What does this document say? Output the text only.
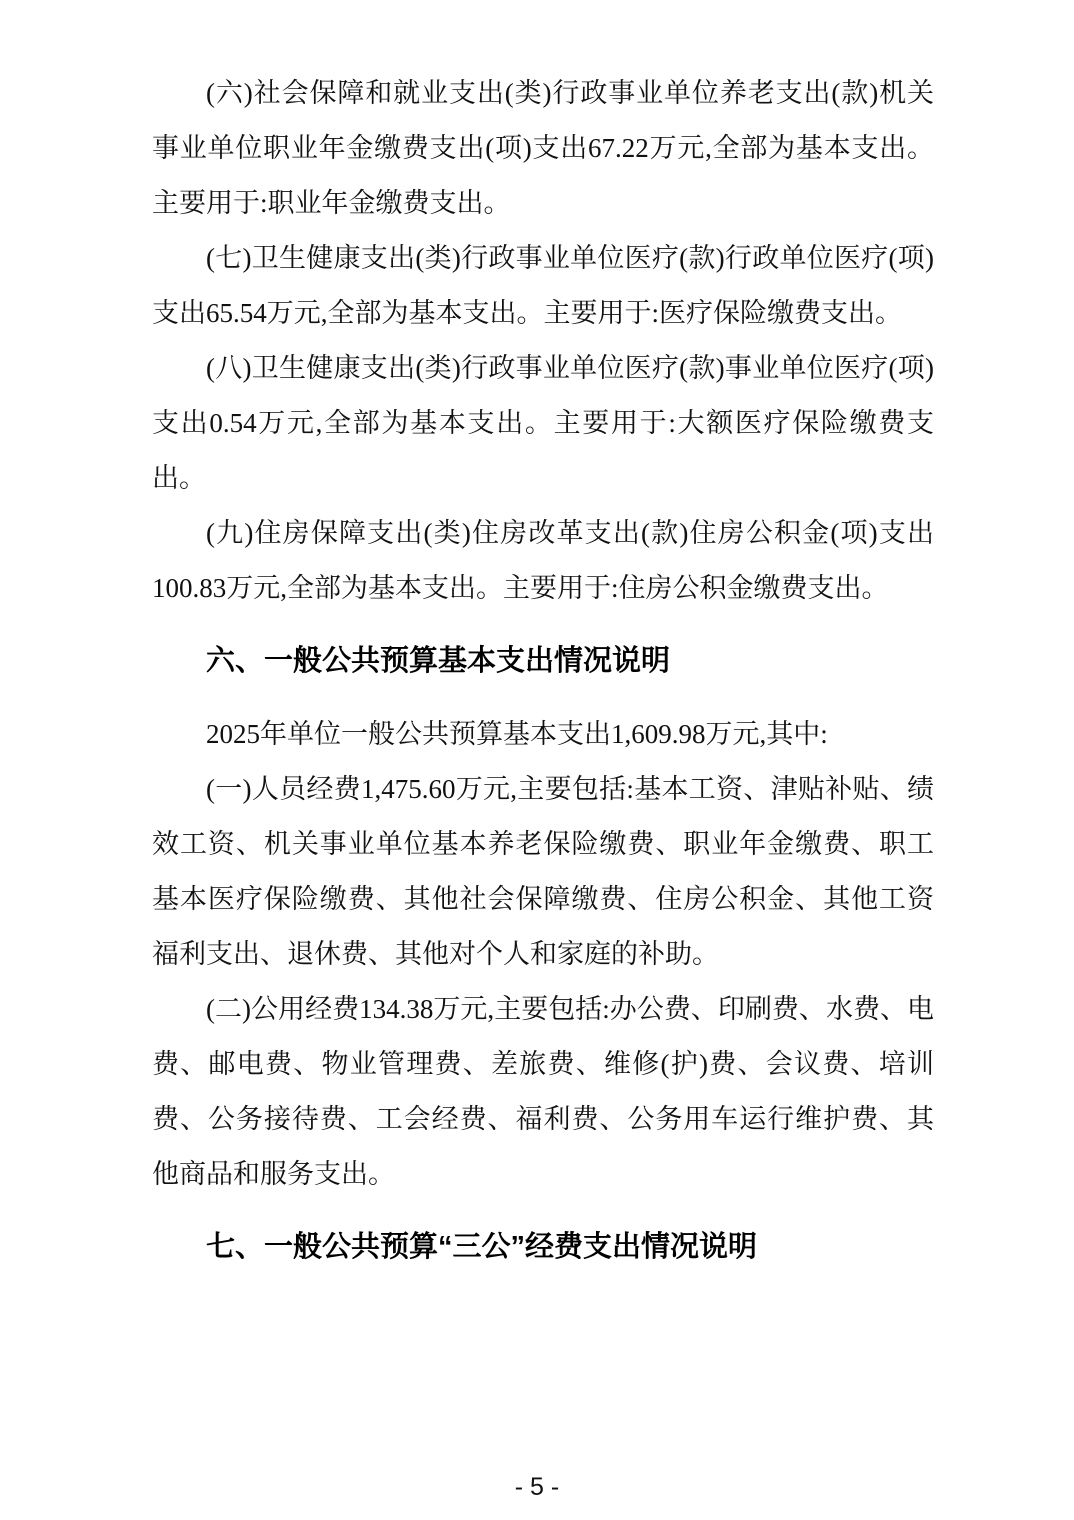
(六)社会保障和就业支出(类)行政事业单位养老支出(款)机关事业单位职业年金缴费支出(项)支出67.22万元,全部为基本支出。主要用于:职业年金缴费支出。

(七)卫生健康支出(类)行政事业单位医疗(款)行政单位医疗(项)支出65.54万元,全部为基本支出。主要用于:医疗保险缴费支出。

(八)卫生健康支出(类)行政事业单位医疗(款)事业单位医疗(项)支出0.54万元,全部为基本支出。主要用于:大额医疗保险缴费支出。

(九)住房保障支出(类)住房改革支出(款)住房公积金(项)支出100.83万元,全部为基本支出。主要用于:住房公积金缴费支出。

六、一般公共预算基本支出情况说明

2025年单位一般公共预算基本支出1,609.98万元,其中:

(一)人员经费1,475.60万元,主要包括:基本工资、津贴补贴、绩效工资、机关事业单位基本养老保险缴费、职业年金缴费、职工基本医疗保险缴费、其他社会保障缴费、住房公积金、其他工资福利支出、退休费、其他对个人和家庭的补助。

(二)公用经费134.38万元,主要包括:办公费、印刷费、水费、电费、邮电费、物业管理费、差旅费、维修(护)费、会议费、培训费、公务接待费、工会经费、福利费、公务用车运行维护费、其他商品和服务支出。

七、一般公共预算“三公”经费支出情况说明
- 5 -
